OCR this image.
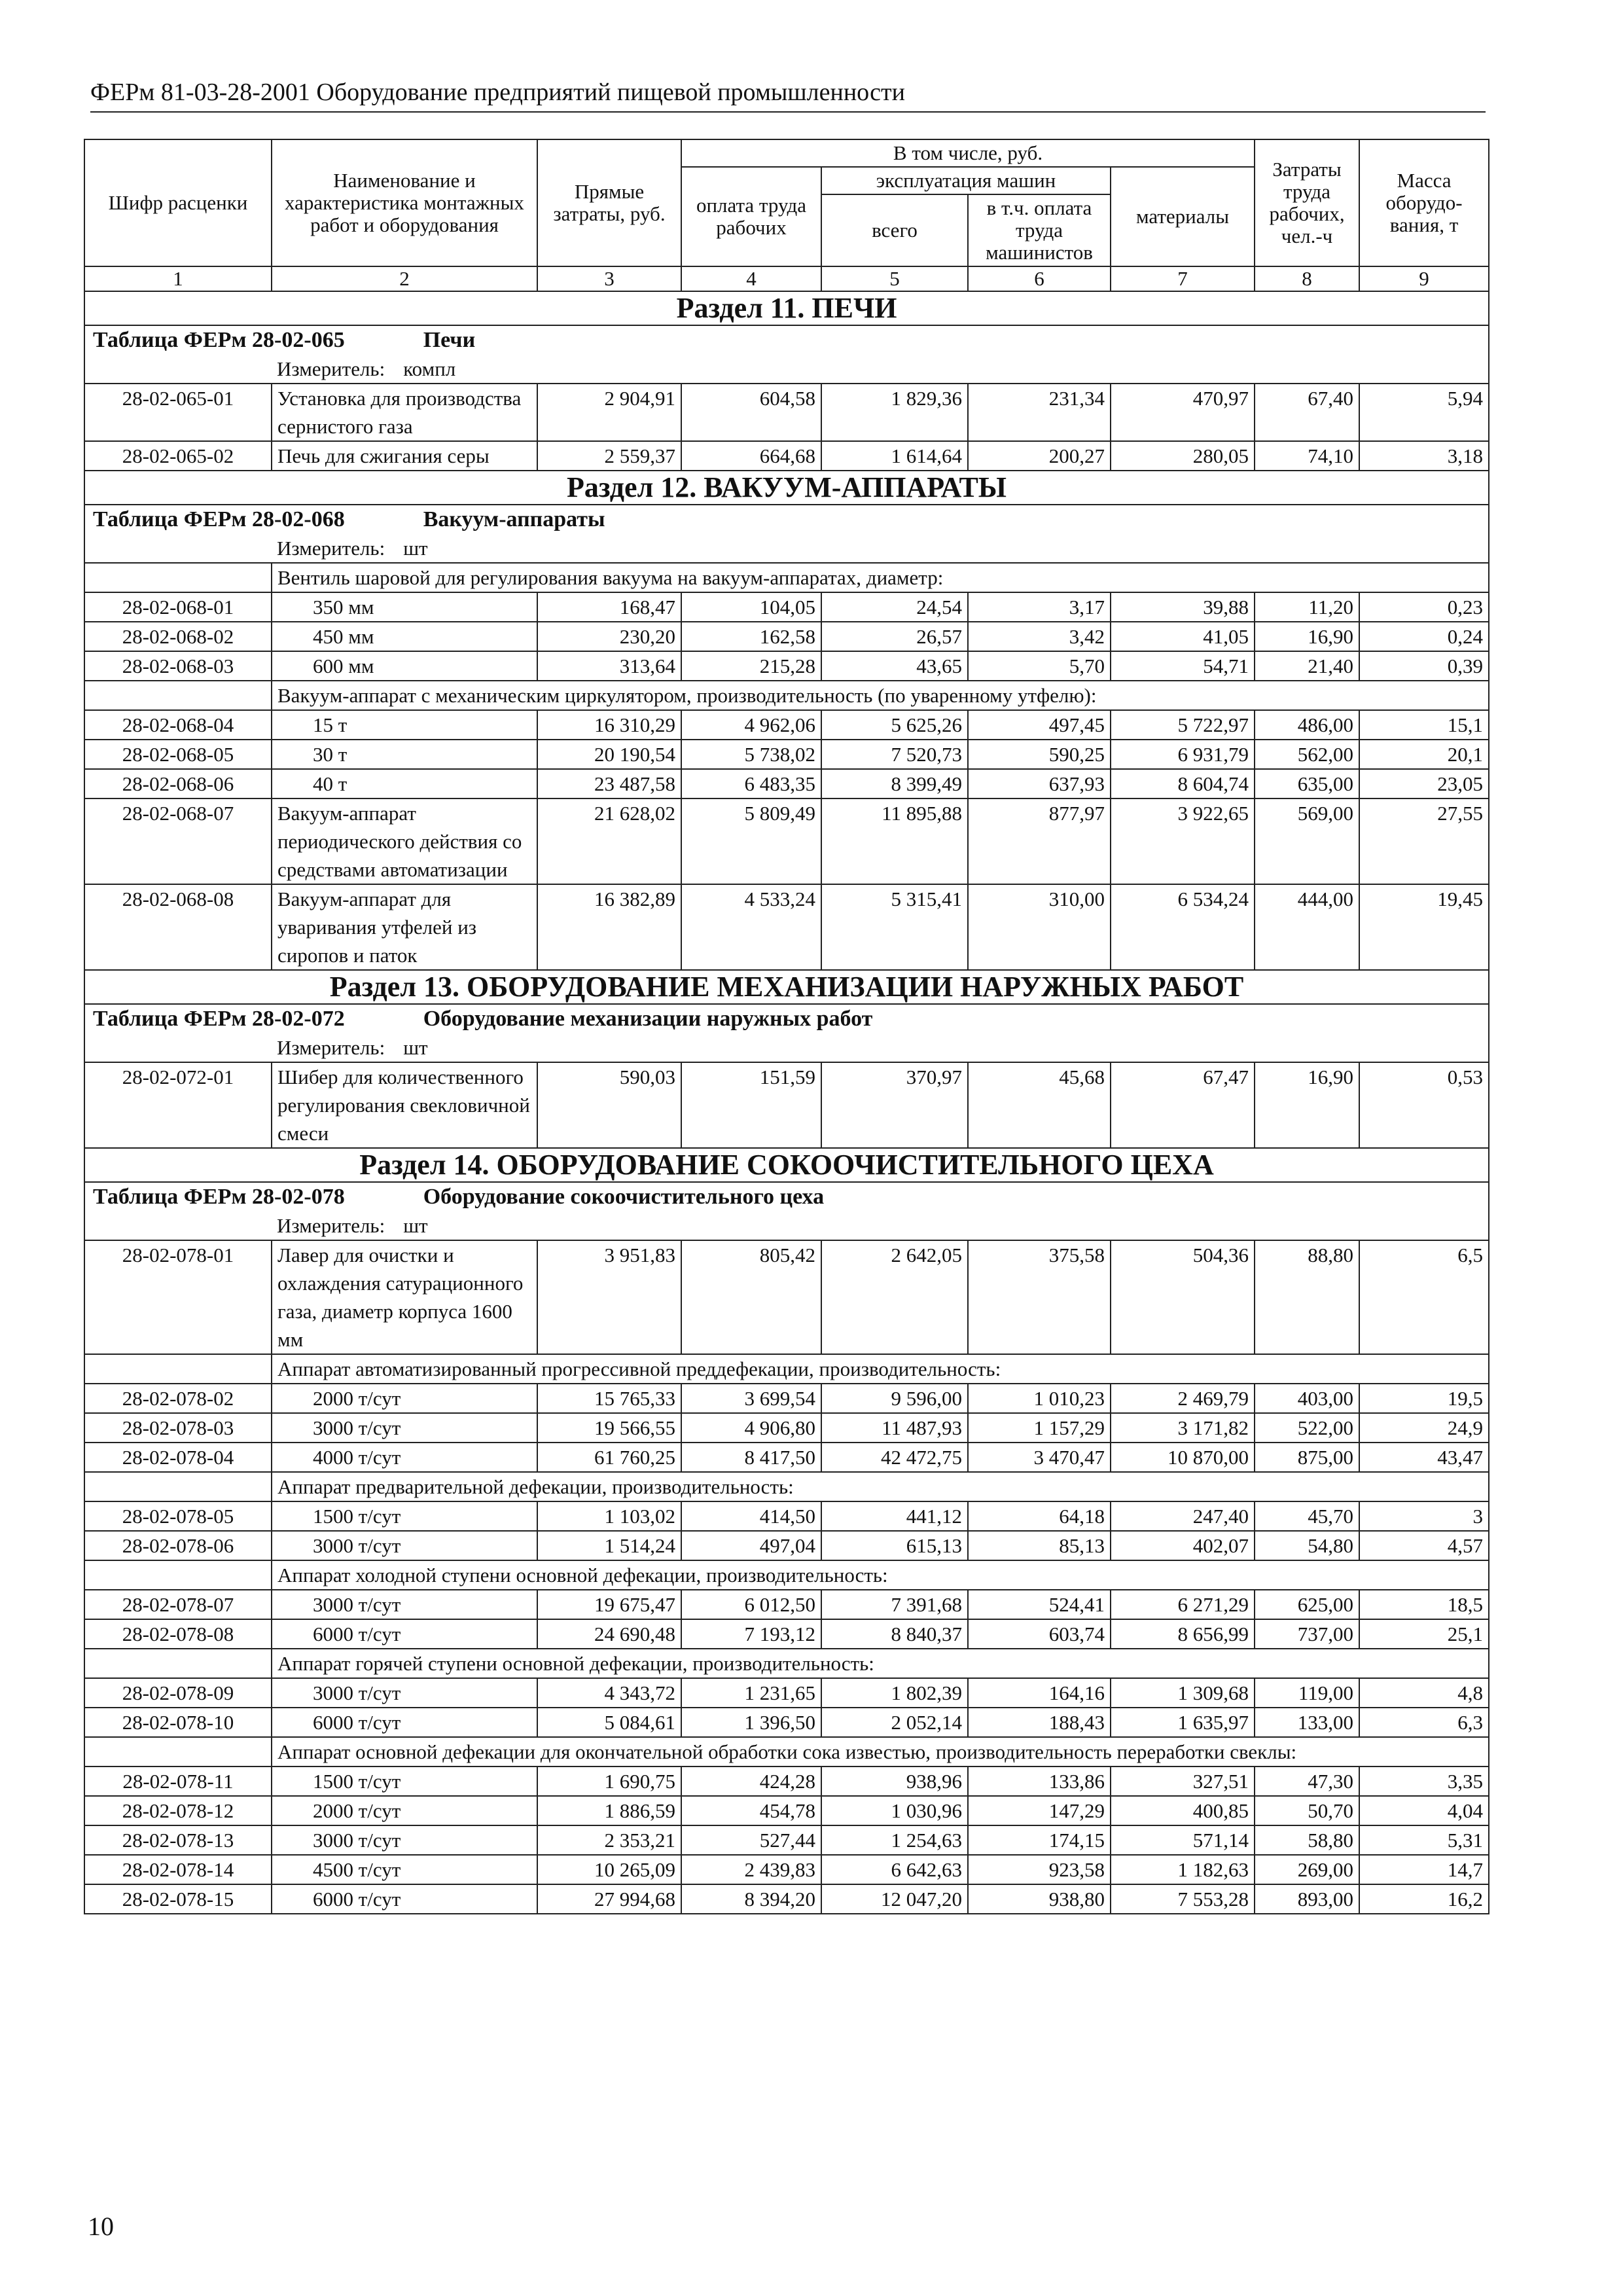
ФЕРм 81-03-28-2001 Оборудование предприятий пищевой промышленности
Шифр расценки	Наименование и характеристика монтажных работ и оборудования	Прямые затраты, руб.	В том числе, руб.				Затраты труда рабочих, чел.-ч	Масса оборудо-вания, т
			оплата труда рабочих	эксплуатация машин		материалы		
				всего	в т.ч. оплата труда машинистов			
1	2	3	4	5	6	7	8	9
Раздел 11. ПЕЧИ								
Таблица ФЕРм 28-02-065 Печи								
	Измеритель: компл							
28-02-065-01	Установка для производства сернистого газа	2 904,91	604,58	1 829,36	231,34	470,97	67,40	5,94
28-02-065-02	Печь для сжигания серы	2 559,37	664,68	1 614,64	200,27	280,05	74,10	3,18
Раздел 12. ВАКУУМ-АППАРАТЫ								
Таблица ФЕРм 28-02-068 Вакуум-аппараты								
	Измеритель: шт							
	Вентиль шаровой для регулирования вакуума на вакуум-аппаратах, диаметр:							
28-02-068-01	350 мм	168,47	104,05	24,54	3,17	39,88	11,20	0,23
28-02-068-02	450 мм	230,20	162,58	26,57	3,42	41,05	16,90	0,24
28-02-068-03	600 мм	313,64	215,28	43,65	5,70	54,71	21,40	0,39
	Вакуум-аппарат с механическим циркулятором, производительность (по уваренному утфелю):							
28-02-068-04	15 т	16 310,29	4 962,06	5 625,26	497,45	5 722,97	486,00	15,1
28-02-068-05	30 т	20 190,54	5 738,02	7 520,73	590,25	6 931,79	562,00	20,1
28-02-068-06	40 т	23 487,58	6 483,35	8 399,49	637,93	8 604,74	635,00	23,05
28-02-068-07	Вакуум-аппарат периодического действия со средствами автоматизации	21 628,02	5 809,49	11 895,88	877,97	3 922,65	569,00	27,55
28-02-068-08	Вакуум-аппарат для уваривания утфелей из сиропов и паток	16 382,89	4 533,24	5 315,41	310,00	6 534,24	444,00	19,45
Раздел 13. ОБОРУДОВАНИЕ МЕХАНИЗАЦИИ НАРУЖНЫХ РАБОТ								
Таблица ФЕРм 28-02-072 Оборудование механизации наружных работ								
	Измеритель: шт							
28-02-072-01	Шибер для количественного регулирования свекловичной смеси	590,03	151,59	370,97	45,68	67,47	16,90	0,53
Раздел 14. ОБОРУДОВАНИЕ СОКООЧИСТИТЕЛЬНОГО ЦЕХА								
Таблица ФЕРм 28-02-078 Оборудование сокоочистительного цеха								
	Измеритель: шт							
28-02-078-01	Лавер для очистки и охлаждения сатурационного газа, диаметр корпуса 1600 мм	3 951,83	805,42	2 642,05	375,58	504,36	88,80	6,5
	Аппарат автоматизированный прогрессивной преддефекации, производительность:							
28-02-078-02	2000 т/сут	15 765,33	3 699,54	9 596,00	1 010,23	2 469,79	403,00	19,5
28-02-078-03	3000 т/сут	19 566,55	4 906,80	11 487,93	1 157,29	3 171,82	522,00	24,9
28-02-078-04	4000 т/сут	61 760,25	8 417,50	42 472,75	3 470,47	10 870,00	875,00	43,47
	Аппарат предварительной дефекации, производительность:							
28-02-078-05	1500 т/сут	1 103,02	414,50	441,12	64,18	247,40	45,70	3
28-02-078-06	3000 т/сут	1 514,24	497,04	615,13	85,13	402,07	54,80	4,57
	Аппарат холодной ступени основной дефекации, производительность:							
28-02-078-07	3000 т/сут	19 675,47	6 012,50	7 391,68	524,41	6 271,29	625,00	18,5
28-02-078-08	6000 т/сут	24 690,48	7 193,12	8 840,37	603,74	8 656,99	737,00	25,1
	Аппарат горячей ступени основной дефекации, производительность:							
28-02-078-09	3000 т/сут	4 343,72	1 231,65	1 802,39	164,16	1 309,68	119,00	4,8
28-02-078-10	6000 т/сут	5 084,61	1 396,50	2 052,14	188,43	1 635,97	133,00	6,3
	Аппарат основной дефекации для окончательной обработки сока известью, производительность переработки свеклы:							
28-02-078-11	1500 т/сут	1 690,75	424,28	938,96	133,86	327,51	47,30	3,35
28-02-078-12	2000 т/сут	1 886,59	454,78	1 030,96	147,29	400,85	50,70	4,04
28-02-078-13	3000 т/сут	2 353,21	527,44	1 254,63	174,15	571,14	58,80	5,31
28-02-078-14	4500 т/сут	10 265,09	2 439,83	6 642,63	923,58	1 182,63	269,00	14,7
28-02-078-15	6000 т/сут	27 994,68	8 394,20	12 047,20	938,80	7 553,28	893,00	16,2
10
